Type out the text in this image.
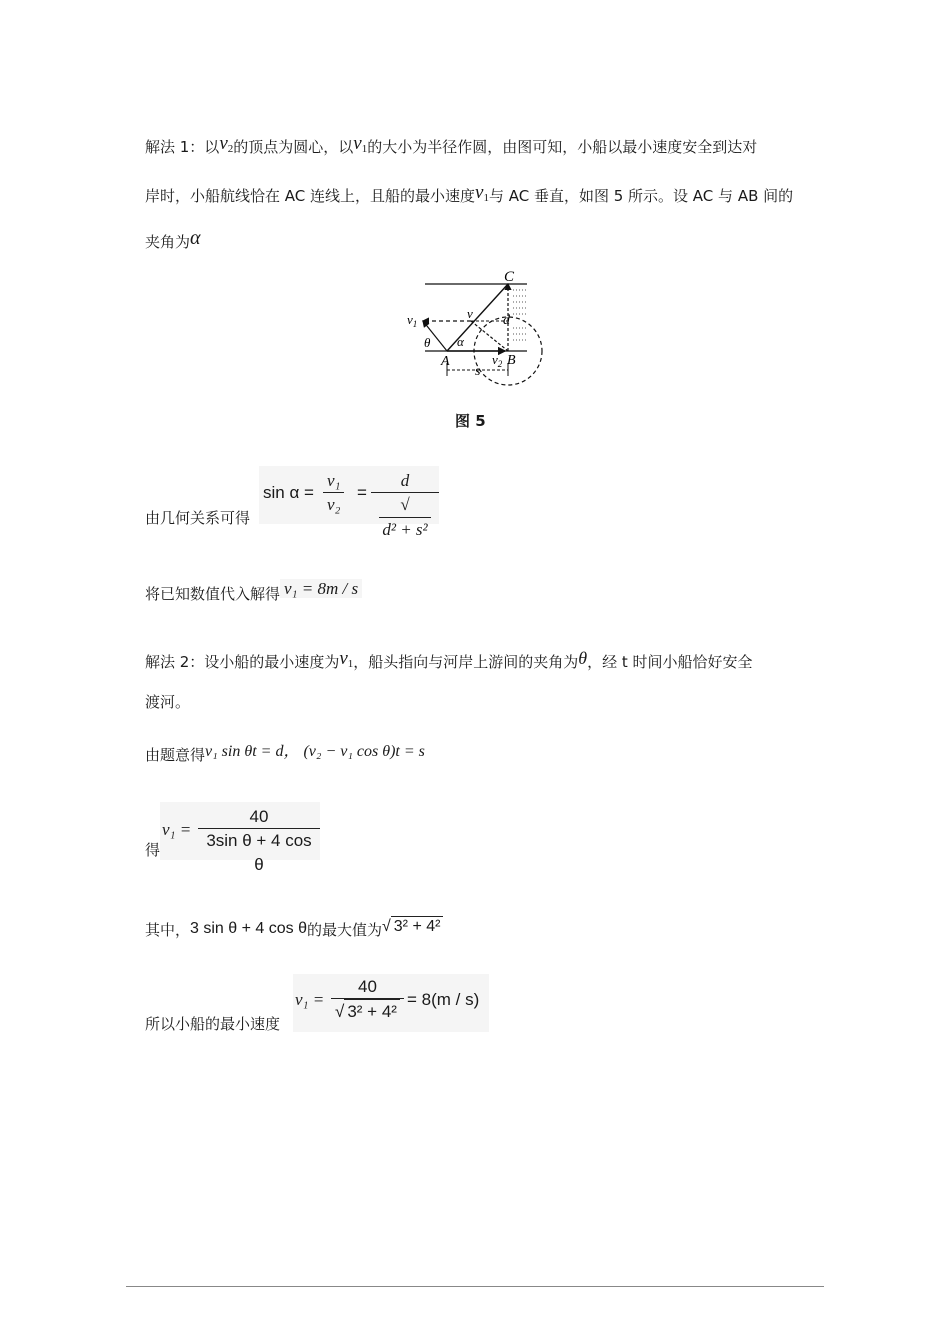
解法 1：以$v_2$的顶点为圆心，以$v_1$的大小为半径作圆，由图可知，小船以最小速度安全到达对
岸时，小船航线恰在 AC 连线上，且船的最小速度$v_1$与 AC 垂直，如图 5 所示。设 AC 与 AB 间的
夹角为α
C
$v_1$
v
θ α
A	$v_2$ B
d
s
图 5
由几何关系可得
$\sin \alpha = \frac{\text{v₁}}{\text{v₂}} = \frac{d}{\text{√d² + s²}}$
将已知数值代入解得 v₁ = 8m / s
解法 2：设小船的最小速度为$v_1$，船头指向与河岸上游间的夹角为θ，经 t 时间小船恰好安全
渡河。
由题意得v₁ sin θt = d， (v₂ − v₁ cos θ)t = s
得
$v_1 = \frac{40}{\text{3sin θ + 4 cos θ}}$
其中，3 sin θ + 4 cos θ的最大值为√ 3² + 4²
所以小船的最小速度
$v_1 = \frac{40}{\text{√ 3² + 4²}} = 8(m / s)$
